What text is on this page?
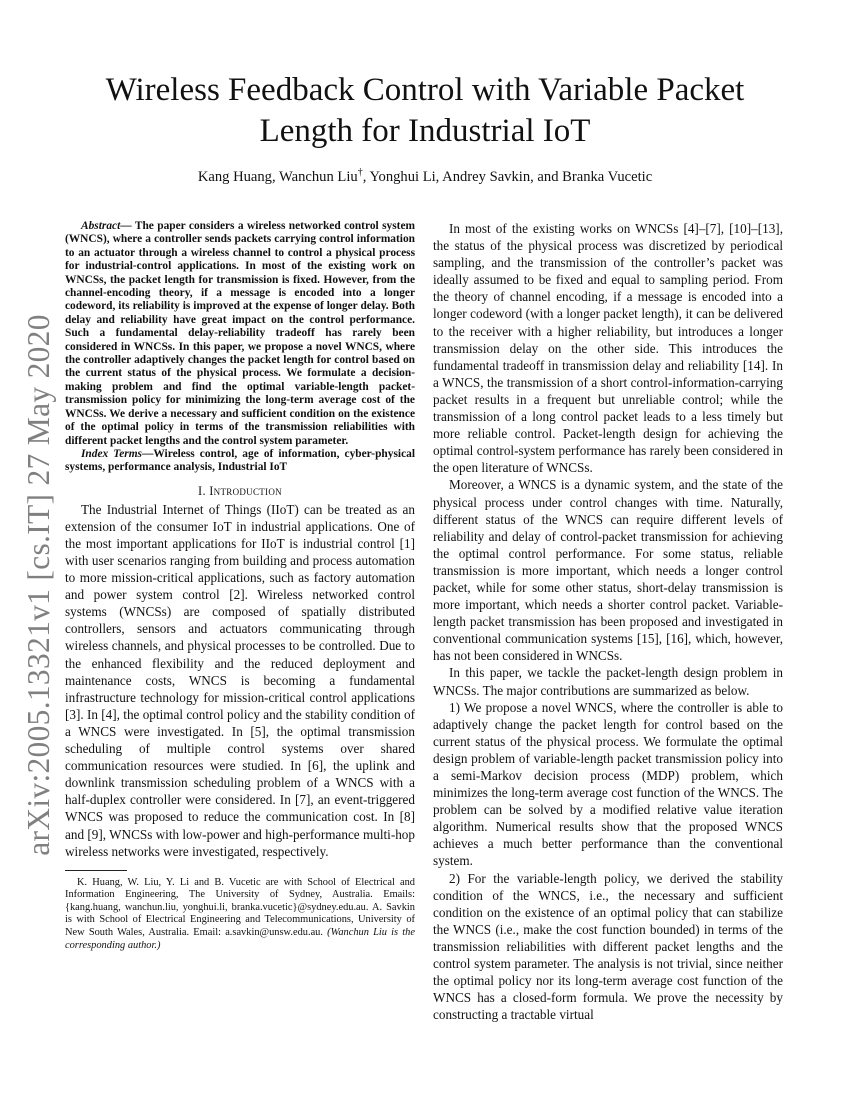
arXiv:2005.13321v1 [cs.IT] 27 May 2020
Wireless Feedback Control with Variable Packet
Length for Industrial IoT
Kang Huang, Wanchun Liu†, Yonghui Li, Andrey Savkin, and Branka Vucetic

Abstract— The paper considers a wireless networked control system (WNCS), where a controller sends packets carrying control information to an actuator through a wireless channel to control a physical process for industrial-control applications. In most of the existing work on WNCSs, the packet length for transmission is fixed. However, from the channel-encoding theory, if a message is encoded into a longer codeword, its reliability is improved at the expense of longer delay. Both delay and reliability have great impact on the control performance. Such a fundamental delay-reliability tradeoff has rarely been considered in WNCSs. In this paper, we propose a novel WNCS, where the controller adaptively changes the packet length for control based on the current status of the physical process. We formulate a decision-making problem and find the optimal variable-length packet-transmission policy for minimizing the long-term average cost of the WNCSs. We derive a necessary and sufficient condition on the existence of the optimal policy in terms of the transmission reliabilities with different packet lengths and the control system parameter.

Index Terms—Wireless control, age of information, cyber-physical systems, performance analysis, Industrial IoT

I. Introduction

The Industrial Internet of Things (IIoT) can be treated as an extension of the consumer IoT in industrial applications. One of the most important applications for IIoT is industrial control [1] with user scenarios ranging from building and process automation to more mission-critical applications, such as factory automation and power system control [2]. Wireless networked control systems (WNCSs) are composed of spatially distributed controllers, sensors and actuators communicating through wireless channels, and physical processes to be controlled. Due to the enhanced flexibility and the reduced deployment and maintenance costs, WNCS is becoming a fundamental infrastructure technology for mission-critical control applications [3]. In [4], the optimal control policy and the stability condition of a WNCS were investigated. In [5], the optimal transmission scheduling of multiple control systems over shared communication resources were studied. In [6], the uplink and downlink transmission scheduling problem of a WNCS with a half-duplex controller were considered. In [7], an event-triggered WNCS was proposed to reduce the communication cost. In [8] and [9], WNCSs with low-power and high-performance multi-hop wireless networks were investigated, respectively.

K. Huang, W. Liu, Y. Li and B. Vucetic are with School of Electrical and Information Engineering, The University of Sydney, Australia. Emails: {kang.huang, wanchun.liu, yonghui.li, branka.vucetic}@sydney.edu.au. A. Savkin is with School of Electrical Engineering and Telecommunications, University of New South Wales, Australia. Email: a.savkin@unsw.edu.au. (Wanchun Liu is the corresponding author.)

In most of the existing works on WNCSs [4]–[7], [10]–[13], the status of the physical process was discretized by periodical sampling, and the transmission of the controller’s packet was ideally assumed to be fixed and equal to sampling period. From the theory of channel encoding, if a message is encoded into a longer codeword (with a longer packet length), it can be delivered to the receiver with a higher reliability, but introduces a longer transmission delay on the other side. This introduces the fundamental tradeoff in transmission delay and reliability [14]. In a WNCS, the transmission of a short control-information-carrying packet results in a frequent but unreliable control; while the transmission of a long control packet leads to a less timely but more reliable control. Packet-length design for achieving the optimal control-system performance has rarely been considered in the open literature of WNCSs.

Moreover, a WNCS is a dynamic system, and the state of the physical process under control changes with time. Naturally, different status of the WNCS can require different levels of reliability and delay of control-packet transmission for achieving the optimal control performance. For some status, reliable transmission is more important, which needs a longer control packet, while for some other status, short-delay transmission is more important, which needs a shorter control packet. Variable-length packet transmission has been proposed and investigated in conventional communication systems [15], [16], which, however, has not been considered in WNCSs.

In this paper, we tackle the packet-length design problem in WNCSs. The major contributions are summarized as below.

1) We propose a novel WNCS, where the controller is able to adaptively change the packet length for control based on the current status of the physical process. We formulate the optimal design problem of variable-length packet transmission policy into a semi-Markov decision process (MDP) problem, which minimizes the long-term average cost function of the WNCS. The problem can be solved by a modified relative value iteration algorithm. Numerical results show that the proposed WNCS achieves a much better performance than the conventional system.

2) For the variable-length policy, we derived the stability condition of the WNCS, i.e., the necessary and sufficient condition on the existence of an optimal policy that can stabilize the WNCS (i.e., make the cost function bounded) in terms of the transmission reliabilities with different packet lengths and the control system parameter. The analysis is not trivial, since neither the optimal policy nor its long-term average cost function of the WNCS has a closed-form formula. We prove the necessity by constructing a tractable virtual
